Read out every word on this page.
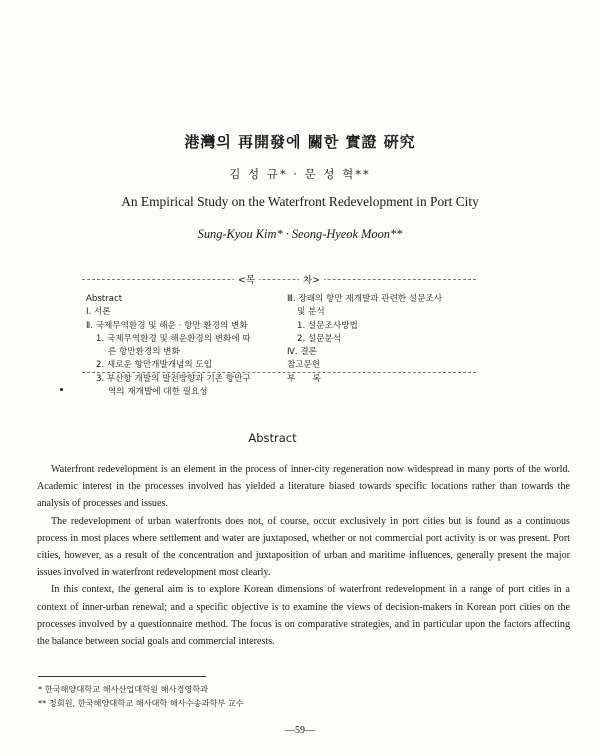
港灣의 再開發에 關한 實證 硏究
김 성 규* · 문 성 혁**
An Empirical Study on the Waterfront Redevelopment in Port City
Sung-Kyou Kim* · Seong-Hyeok Moon**
<목	차>
Abstract
Ⅰ. 서론
Ⅱ. 국제무역환경 및 해운 · 항만 환경의 변화
1. 국제무역환경 및 해운환경의 변화에 따
른 항만환경의 변화
2. 새로운 항만개발개념의 도입
3. 부산항 개발의 발전방향과 기존 항만구
역의 재개발에 대한 필요성
Ⅲ. 장래의 항만 재개발과 관련한 설문조사
및 분석
1. 설문조사방법
2. 설문분석
Ⅳ. 결론
참고문헌
부　　록
Abstract

Waterfront redevelopment is an element in the process of inner-city regeneration now widespread in many ports of the world. Academic interest in the processes involved has yielded a literature biased towards specific locations rather than towards the analysis of processes and issues.

The redevelopment of urban waterfronts does not, of course, occur exclusively in port cities but is found as a continuous process in most places where settlement and water are juxtaposed, whether or not commercial port activity is or was present. Port cities, however, as a result of the concentration and juxtaposition of urban and maritime influences, generally present the major issues involved in waterfront redevelopment most clearly.

In this context, the general aim is to explore Korean dimensions of waterfront redevelopment in a range of port cities in a context of inner-urban renewal; and a specific objective is to examine the views of decision-makers in Korean port cities on the processes involved by a questionnaire method. The focus is on comparative strategies, and in particular upon the factors affecting the balance between social goals and commercial interests.

* 한국해양대학교 해사산업대학원 해사경영학과
** 정회원, 한국해양대학교 해사대학 해사수송과학부 교수
—59—
